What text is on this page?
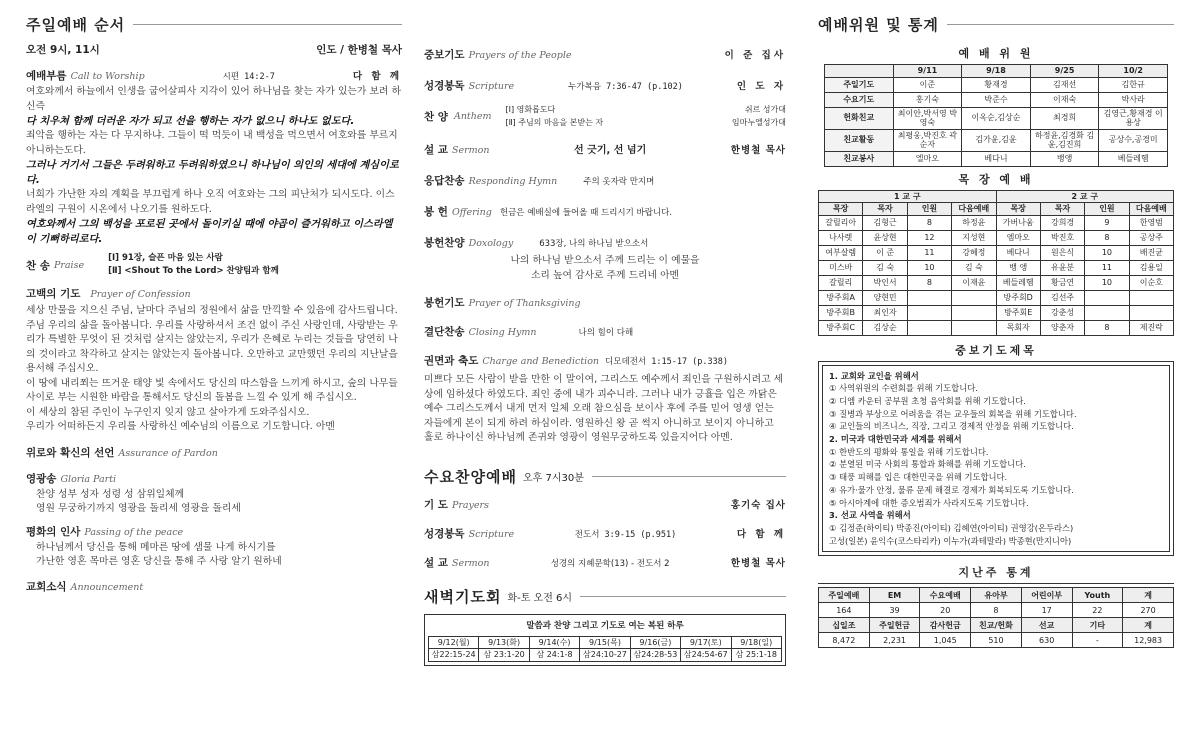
주일예배 순서
오전 9시, 11시	인도 / 한병철 목사
예배부름 Call to Worship	시편 14:2-7	다 함 께

여호와께서 하늘에서 인생을 굽어살피사 지각이 있어 하나님을 찾는 자가 있는가 보려 하신즉

다 치우쳐 함께 더러운 자가 되고 선을 행하는 자가 없으니 하나도 없도다.

죄악을 행하는 자는 다 무지하냐. 그들이 떡 먹듯이 내 백성을 먹으면서 여호와를 부르지 아니하는도다.

그러나 거기서 그들은 두려워하고 두려워하였으니 하나님이 의인의 세대에 계심이로다.

너희가 가난한 자의 계획을 부끄럽게 하나 오직 여호와는 그의 피난처가 되시도다. 이스라엘의 구원이 시온에서 나오기를 원하도다.

여호와께서 그의 백성을 포로된 곳에서 돌이키실 때에 야곱이 즐거워하고 이스라엘이 기뻐하리로다.

찬 송 Praise
[Ⅰ] 91장, 슬픈 마음 있는 사람
[Ⅱ] <Shout To the Lord> 찬양팀과 함께
고백의 기도 Prayer of Confession

세상 만물을 지으신 주님, 날마다 주님의 정원에서 삶을 만끽할 수 있음에 감사드립니다.

주님 우리의 삶을 돌아봅니다. 우리를 사랑하셔서 조건 없이 주신 사랑인데, 사랑받는 우리가 특별한 무엇이 된 것처럼 살지는 않았는지, 우리가 은혜로 누리는 것들을 당연히 나의 것이라고 착각하고 살지는 않았는지 돌아봅니다. 오만하고 교만했던 우리의 지난날을 용서해 주십시오.

이 땅에 내리쬐는 뜨거운 태양 빛 속에서도 당신의 따스함을 느끼게 하시고, 숲의 나무들 사이로 부는 시원한 바람을 통해서도 당신의 돌봄을 느낄 수 있게 해 주십시오.

이 세상의 참된 주인이 누구인지 잊지 않고 살아가게 도와주십시오.

우리가 어떠하든지 우리를 사랑하신 예수님의 이름으로 기도합니다. 아멘

위로와 확신의 선언 Assurance of Pardon
영광송 Gloria Parti

찬양 성부 성자 성령 성 삼위일체께

영원 무궁하기까지 영광을 돌리세 영광을 돌리세

평화의 인사 Passing of the peace

하나님께서 당신을 통해 메마른 땅에 샘물 나게 하시기를

가난한 영혼 목마른 영혼 당신을 통해 주 사랑 알기 원하네

교회소식 Announcement
중보기도 Prayers of the People	이 준 집사
성경봉독 Scripture	누가복음 7:36-47 (p.102)	인 도 자
찬 양 Anthem
[Ⅰ] 영화롭도다	쉬르 성가대
[Ⅱ] 주님의 마음을 본받는 자	임마누엘성가대
설 교 Sermon	선 긋기, 선 넘기	한병철 목사
응답찬송 Responding Hymn	주의 옷자락 만지며
봉 헌 Offering 헌금은 예배실에 들어올 때 드리시기 바랍니다.
봉헌찬양 Doxology	633장, 나의 하나님 받으소서

나의 하나님 받으소서 주께 드리는 이 예물을

소리 높여 감사로 주께 드리네 아멘

봉헌기도 Prayer of Thanksgiving
결단찬송 Closing Hymn	나의 힘이 다해
권면과 축도 Charge and Benediction 디모데전서 1:15-17 (p.338)

미쁘다 모든 사람이 받을 만한 이 말이여, 그리스도 예수께서 죄인을 구원하시려고 세상에 임하셨다 하였도다. 죄인 중에 내가 괴수니라. 그러나 내가 긍휼을 입은 까닭은 예수 그리스도께서 내게 먼저 일체 오래 참으심을 보이사 후에 주를 믿어 영생 얻는 자들에게 본이 되게 하려 하심이라. 영원하신 왕 곧 썩지 아니하고 보이지 아니하고 홀로 하나이신 하나님께 존귀와 영광이 영원무궁하도록 있을지어다 아멘.

수요찬양예배 오후 7시30분
기 도 Prayers	홍기숙 집사
성경봉독 Scripture	전도서 3:9-15 (p.951)	다 함 께
설 교 Sermon	성경의 지혜문학(13) - 전도서 2	한병철 목사
새벽기도회 화-토 오전 6시
말씀과 찬양 그리고 기도로 여는 복된 하루
9/12(월)	9/13(화)	9/14(수)	9/15(목)	9/16(금)	9/17(토)	9/18(일)
삼22:15-24	삼 23:1-20	삼 24:1-8	삼24:10-27	삼24:28-53	삼24:54-67	삼 25:1-18
예배위원 및 통계
예 배 위 원
	9/11	9/18	9/25	10/2
주일기도	이준	황재경	김재선	김한규
수요기도	홍기숙	박준수	이재숙	박사라
헌화친교	최이안,박서영 박영숙	이옥순,김상순	최경희	김영근,황재경 이용상
친교활동	최평웅,박진호 곽순자	김가윤,김윤	하정윤,김경화 김윤,김진희	공상수,공경미
친교봉사	엘마오	베다니	뱅앵	베들레헴
목 장 예 배
1 교 구				2 교 구			
목장	목자	인원	다음예배	목장	목자	인원	다음예배
갈릴리아	김형근	8	하정윤	가버나움	강희경	9	한영범
나사렛	윤상현	12	지성현	엠마오	박진호	8	공상주
여부살렘	이 준	11	강혜정	베다니	원은식	10	배진균
미스바	김 숙	10	김 숙	뱅 앵	유윤분	11	김용일
갈릴리	박인서	8	이재윤	베들레헴	황금연	10	이순호
방주회A	양현민			방주회D	김선주		
방주회B	최인자			방주회E	강춘성		
방주회C	김상순			목회자	양춘자	8	제진락
중보기도제목
1. 교회와 교인을 위해서
① 사역위원의 수련회를 위해 기도합니다.
② 디엠 카운터 공부원 초청 음악회를 위해 기도합니다.
③ 질병과 부상으로 어려움을 겪는 교우들의 회복을 위해 기도합니다.
④ 교인들의 비즈니스, 직장, 그리고 경제적 안정을 위해 기도합니다.
2. 미국과 대한민국과 세계를 위해서
① 한반도의 평화와 통일을 위해 기도합니다.
② 분열된 미국 사회의 통합과 화해를 위해 기도합니다.
③ 태풍 피해를 입은 대한민국을 위해 기도합니다.
④ 유가·물가 안정, 물류 문제 해결로 경제가 회복되도록 기도합니다.
⑤ 아시아계에 대한 증오범죄가 사라지도록 기도합니다.
3. 선교 사역을 위해서
① 김정준(하이티) 박종진(아이티) 김혜연(아이티) 권영강(온두라스)
고성(일본) 윤익수(코스타리카) 이누가(과테말라) 박종현(만지니아)
지난주 통계
주일예배	EM	수요예배	유아부	어린이부	Youth	계
164	39	20	8	17	22	270
십일조	주일헌금	감사헌금	친교/헌화	선교	기타	계
8,472	2,231	1,045	510	630	-	12,983
